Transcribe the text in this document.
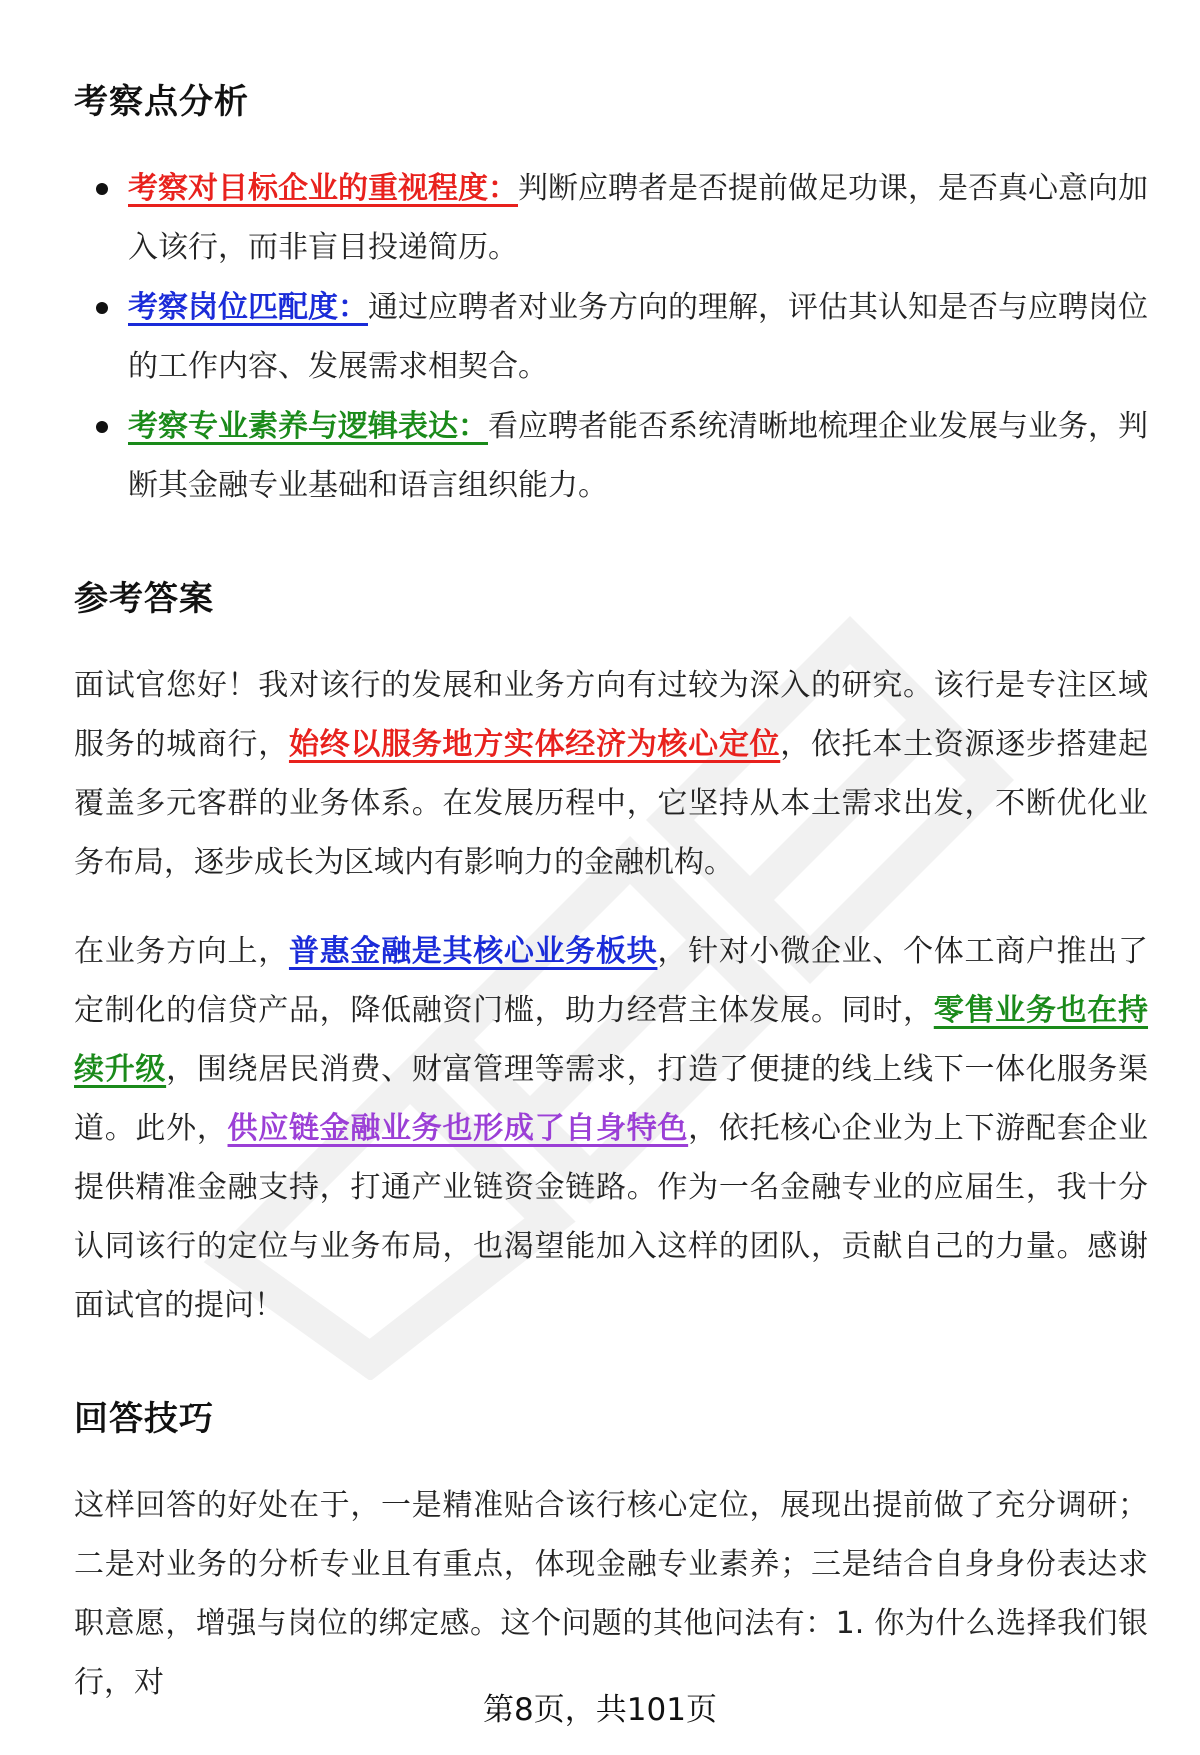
考察点分析
考察对目标企业的重视程度：判断应聘者是否提前做足功课，是否真心意向加入该行，而非盲目投递简历。
考察岗位匹配度：通过应聘者对业务方向的理解，评估其认知是否与应聘岗位的工作内容、发展需求相契合。
考察专业素养与逻辑表达：看应聘者能否系统清晰地梳理企业发展与业务，判断其金融专业基础和语言组织能力。
参考答案

面试官您好！我对该行的发展和业务方向有过较为深入的研究。该行是专注区域服务的城商行，始终以服务地方实体经济为核心定位，依托本土资源逐步搭建起覆盖多元客群的业务体系。在发展历程中，它坚持从本土需求出发，不断优化业务布局，逐步成长为区域内有影响力的金融机构。

在业务方向上，普惠金融是其核心业务板块，针对小微企业、个体工商户推出了定制化的信贷产品，降低融资门槛，助力经营主体发展。同时，零售业务也在持续升级，围绕居民消费、财富管理等需求，打造了便捷的线上线下一体化服务渠道。此外，供应链金融业务也形成了自身特色，依托核心企业为上下游配套企业提供精准金融支持，打通产业链资金链路。作为一名金融专业的应届生，我十分认同该行的定位与业务布局，也渴望能加入这样的团队，贡献自己的力量。感谢面试官的提问！

回答技巧

这样回答的好处在于，一是精准贴合该行核心定位，展现出提前做了充分调研；二是对业务的分析专业且有重点，体现金融专业素养；三是结合自身身份表达求职意愿，增强与岗位的绑定感。这个问题的其他问法有：1. 你为什么选择我们银行，对

第8页，共101页
